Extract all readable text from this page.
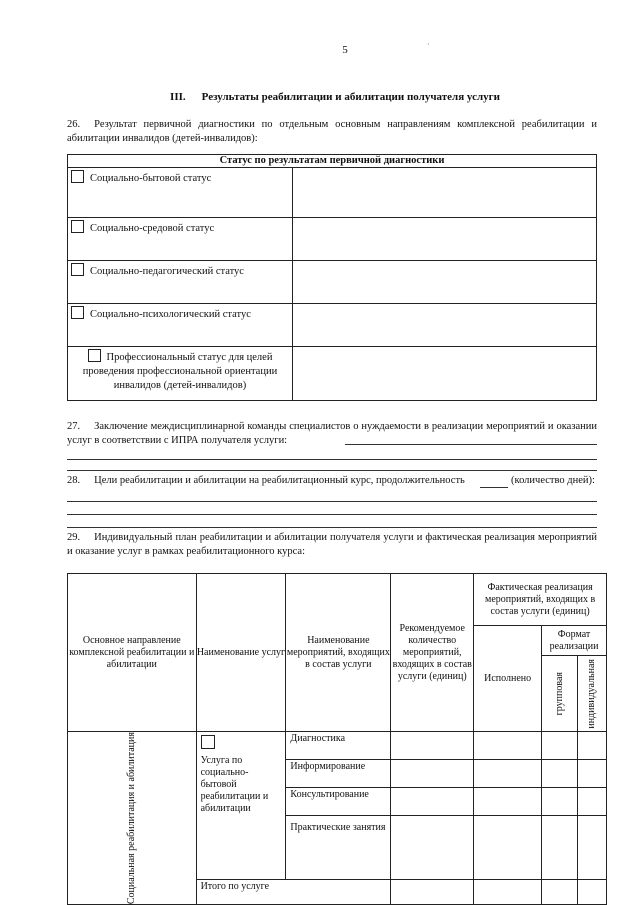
5	·
III. Результаты реабилитации и абилитации получателя услуги
26. Результат первичной диагностики по отдельным основным направлениям комплексной реабилитации и абилитации инвалидов (детей-инвалидов):
Статус по результатам первичной диагностики	
Социально-бытовой статус	
Социально-средовой статус	
Социально-педагогический статус	
Социально-психологический статус	
Профессиональный статус для целей проведения профессиональной ориентации инвалидов (детей-инвалидов)	
27. Заключение междисциплинарной команды специалистов о нуждаемости в реализации мероприятий и оказании услуг в соответствии с ИПРА получателя услуги:
28. Цели реабилитации и абилитации на реабилитационный курс, продолжительность	(количество дней):
29. Индивидуальный план реабилитации и абилитации получателя услуги и фактическая реализация мероприятий и оказание услуг в рамках реабилитационного курса:
Основное направление комплексной реабилитации и абилитации	Наименование услуг	Наименование мероприятий, входящих в состав услуги	Рекомендуемое количество мероприятий, входящих в состав услуги (единиц)	Фактическая реализация мероприятий, входящих в состав услуги (единиц)		
				Исполнено	Формат реализации	

					групповая	индивидуальная

Социальная реабилитация и абилитация	Услуга по социально-бытовой реабилитации и абилитации	Диагностика				
		Информирование				
		Консультирование				
		Практические занятия				
	Итого по услуге					
